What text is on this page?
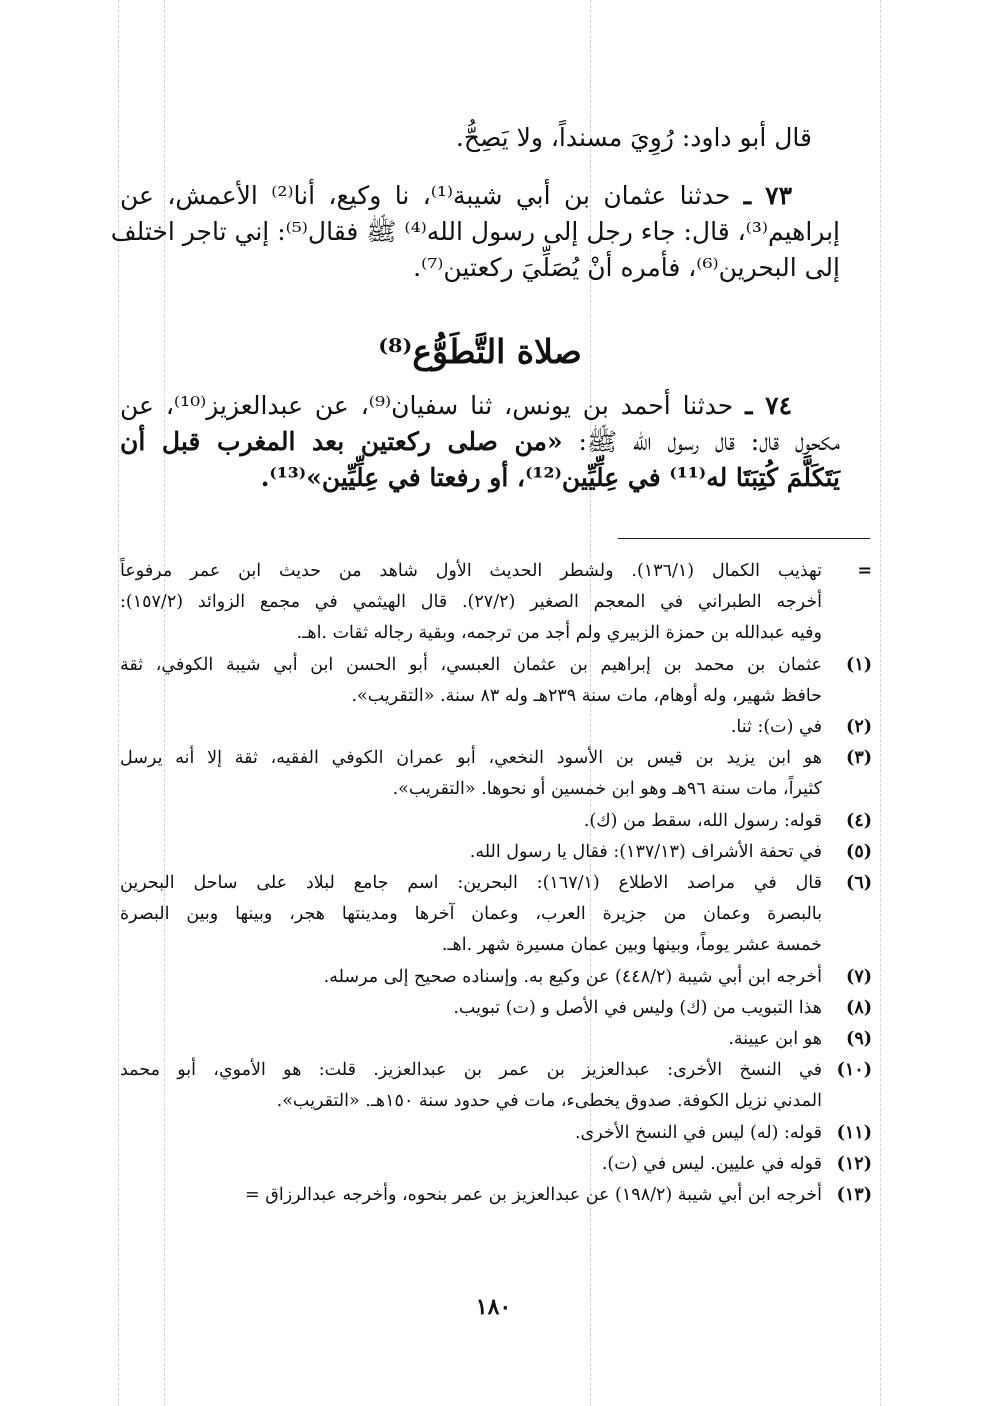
قال أبو داود: رُوِيَ مسنداً، ولا يَصِحُّ.
٧٣ ـ حدثنا عثمان بن أبي شيبة⁽¹⁾، نا وكيع، أنا⁽²⁾ الأعمش، عن
إبراهيم⁽³⁾، قال: جاء رجل إلى رسول الله⁽⁴⁾ ﷺ فقال⁽⁵⁾: إني تاجر اختلف
إلى البحرين⁽⁶⁾، فأمره أنْ يُصَلِّيَ ركعتين⁽⁷⁾.
صلاة التَّطَوُّع⁽⁸⁾
٧٤ ـ حدثنا أحمد بن يونس، ثنا سفيان⁽⁹⁾، عن عبدالعزيز⁽¹⁰⁾، عن
مكحول قال: قال رسول الله ﷺ: «من صلى ركعتين بعد المغرب قبل أن
يَتَكَلَّمَ كُتِبَتَا له⁽¹¹⁾ في عِلِّيِّين⁽¹²⁾، أو رفعتا في عِلِّيِّين»⁽¹³⁾.
=
تهذيب الكمال (١٣٦/١). ولشطر الحديث الأول شاهد من حديث ابن عمر مرفوعاً
أخرجه الطبراني في المعجم الصغير (٢٧/٢). قال الهيثمي في مجمع الزوائد (١٥٧/٢):
وفيه عبدالله بن حمزة الزبيري ولم أجد من ترجمه، وبقية رجاله ثقات .اهـ.
(١)
عثمان بن محمد بن إبراهيم بن عثمان العبسي، أبو الحسن ابن أبي شيبة الكوفي، ثقة
حافظ شهير، وله أوهام، مات سنة ٢٣٩هـ وله ٨٣ سنة. «التقريب».
(٢)
في (ت): ثنا.
(٣)
هو ابن يزيد بن قيس بن الأسود النخعي، أبو عمران الكوفي الفقيه، ثقة إلا أنه يرسل
كثيراً، مات سنة ٩٦هـ وهو ابن خمسين أو نحوها. «التقريب».
(٤)
قوله: رسول الله، سقط من (ك).
(٥)
في تحفة الأشراف (١٣٧/١٣): فقال يا رسول الله.
(٦)
قال في مراصد الاطلاع (١٦٧/١): البحرين: اسم جامع لبلاد على ساحل البحرين
بالبصرة وعمان من جزيرة العرب، وعمان آخرها ومدينتها هجر، وبينها وبين البصرة
خمسة عشر يوماً، وبينها وبين عمان مسيرة شهر .اهـ.
(٧)
أخرجه ابن أبي شيبة (٤٤٨/٢) عن وكيع به. وإسناده صحيح إلى مرسله.
(٨)
هذا التبويب من (ك) وليس في الأصل و (ت) تبويب.
(٩)
هو ابن عيينة.
(١٠)
في النسخ الأخرى: عبدالعزيز بن عمر بن عبدالعزيز. قلت: هو الأموي، أبو محمد
المدني نزيل الكوفة. صدوق يخطىء، مات في حدود سنة ١٥٠هـ. «التقريب».
(١١)
قوله: (له) ليس في النسخ الأخرى.
(١٢)
قوله في عليين. ليس في (ت).
(١٣)
أخرجه ابن أبي شيبة (١٩٨/٢) عن عبدالعزيز بن عمر بنحوه، وأخرجه عبدالرزاق =
١٨٠
